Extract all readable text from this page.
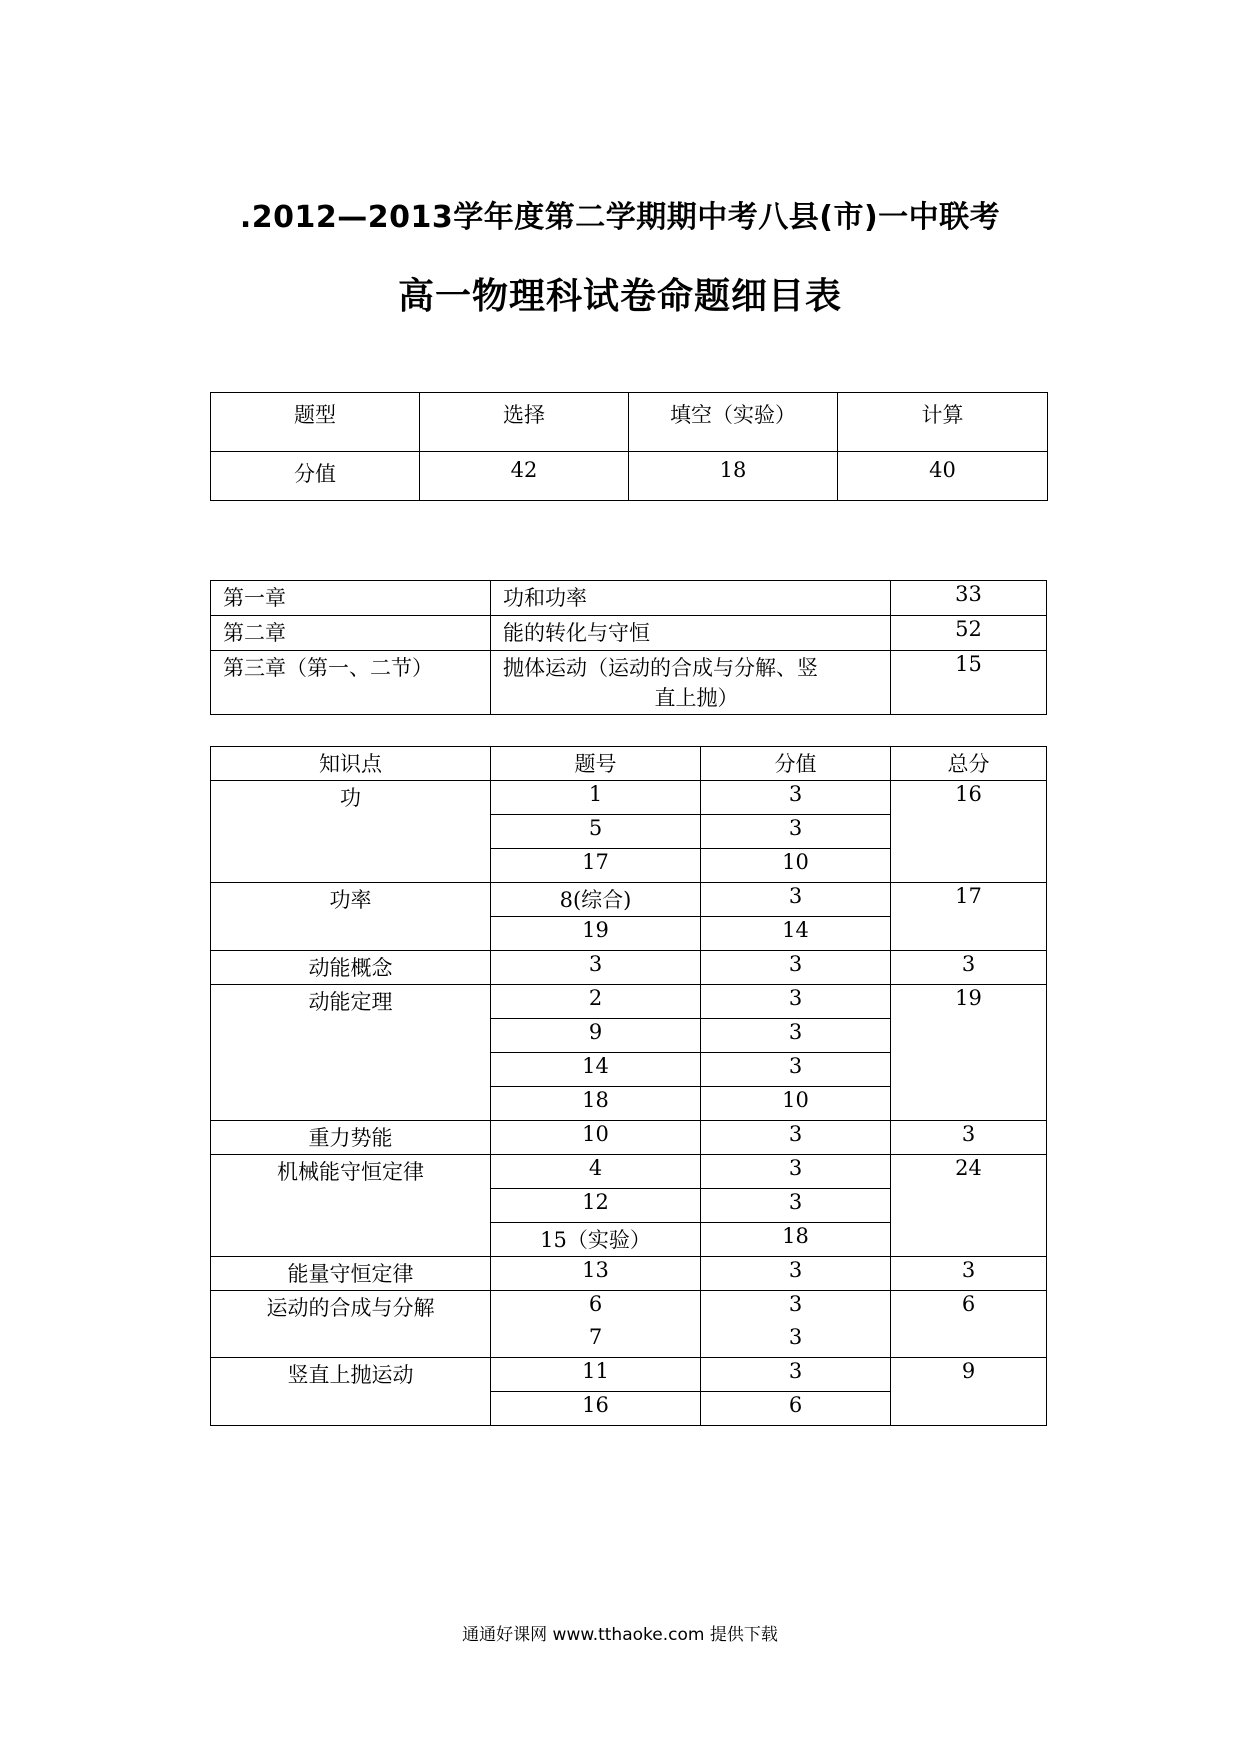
.2012—2013学年度第二学期期中考八县(市)一中联考
高一物理科试卷命题细目表
题型	选择	填空（实验）	计算
分值	42	18	40
第一章	功和功率	33
第二章	能的转化与守恒	52
第三章（第一、二节）	抛体运动（运动的合成与分解、竖
直上抛）	15
知识点	题号	分值	总分
功	1	3	16
	5	3	
	17	10	
功率	8(综合)	3	17
	19	14	
动能概念	3	3	3
动能定理	2	3	19
	9	3	
	14	3	
	18	10	
重力势能	10	3	3
机械能守恒定律	4	3	24
	12	3	
	15（实验）	18	
能量守恒定律	13	3	3
运动的合成与分解	6	3	6
	7	3	
竖直上抛运动	11	3	9
	16	6	
通通好课网 www.tthaoke.com 提供下载
